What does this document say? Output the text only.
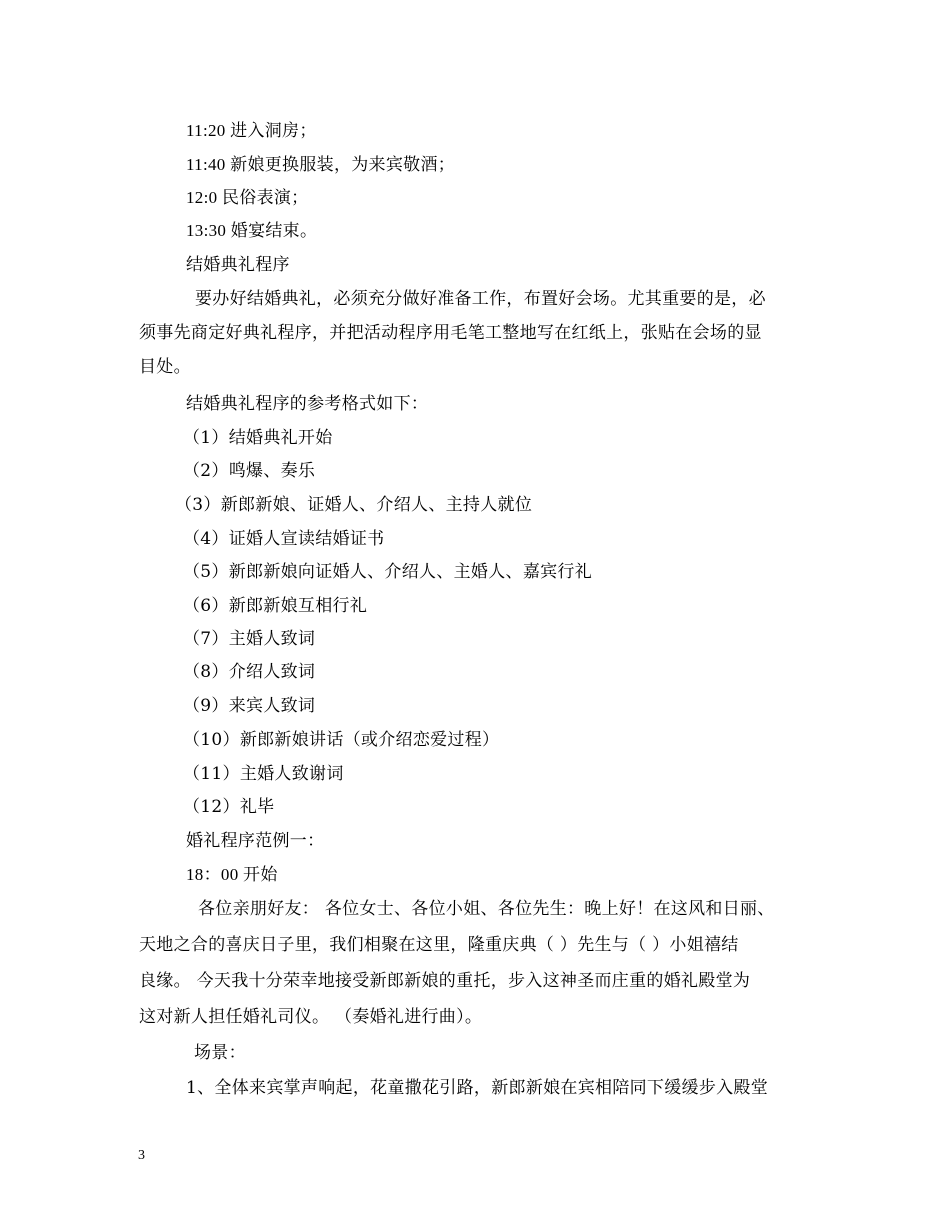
11:20 进入洞房；
11:40 新娘更换服装，为来宾敬酒；
12:0 民俗表演；
13:30 婚宴结束。
结婚典礼程序
要办好结婚典礼，必须充分做好准备工作，布置好会场。尤其重要的是，必
须事先商定好典礼程序，并把活动程序用毛笔工整地写在红纸上，张贴在会场的显
目处。
结婚典礼程序的参考格式如下：
（1）结婚典礼开始
（2）鸣爆、奏乐
（3）新郎新娘、证婚人、介绍人、主持人就位
（4）证婚人宣读结婚证书
（5）新郎新娘向证婚人、介绍人、主婚人、嘉宾行礼
（6）新郎新娘互相行礼
（7）主婚人致词
（8）介绍人致词
（9）来宾人致词
（10）新郎新娘讲话（或介绍恋爱过程）
（11）主婚人致谢词
（12）礼毕
婚礼程序范例一：
18：00 开始
各位亲朋好友： 各位女士、各位小姐、各位先生：晚上好！在这风和日丽、
天地之合的喜庆日子里，我们相聚在这里，隆重庆典（ ）先生与（ ）小姐禧结
良缘。 今天我十分荣幸地接受新郎新娘的重托，步入这神圣而庄重的婚礼殿堂为
这对新人担任婚礼司仪。 （奏婚礼进行曲）。
场景：
1、全体来宾掌声响起，花童撒花引路，新郎新娘在宾相陪同下缓缓步入殿堂
3
